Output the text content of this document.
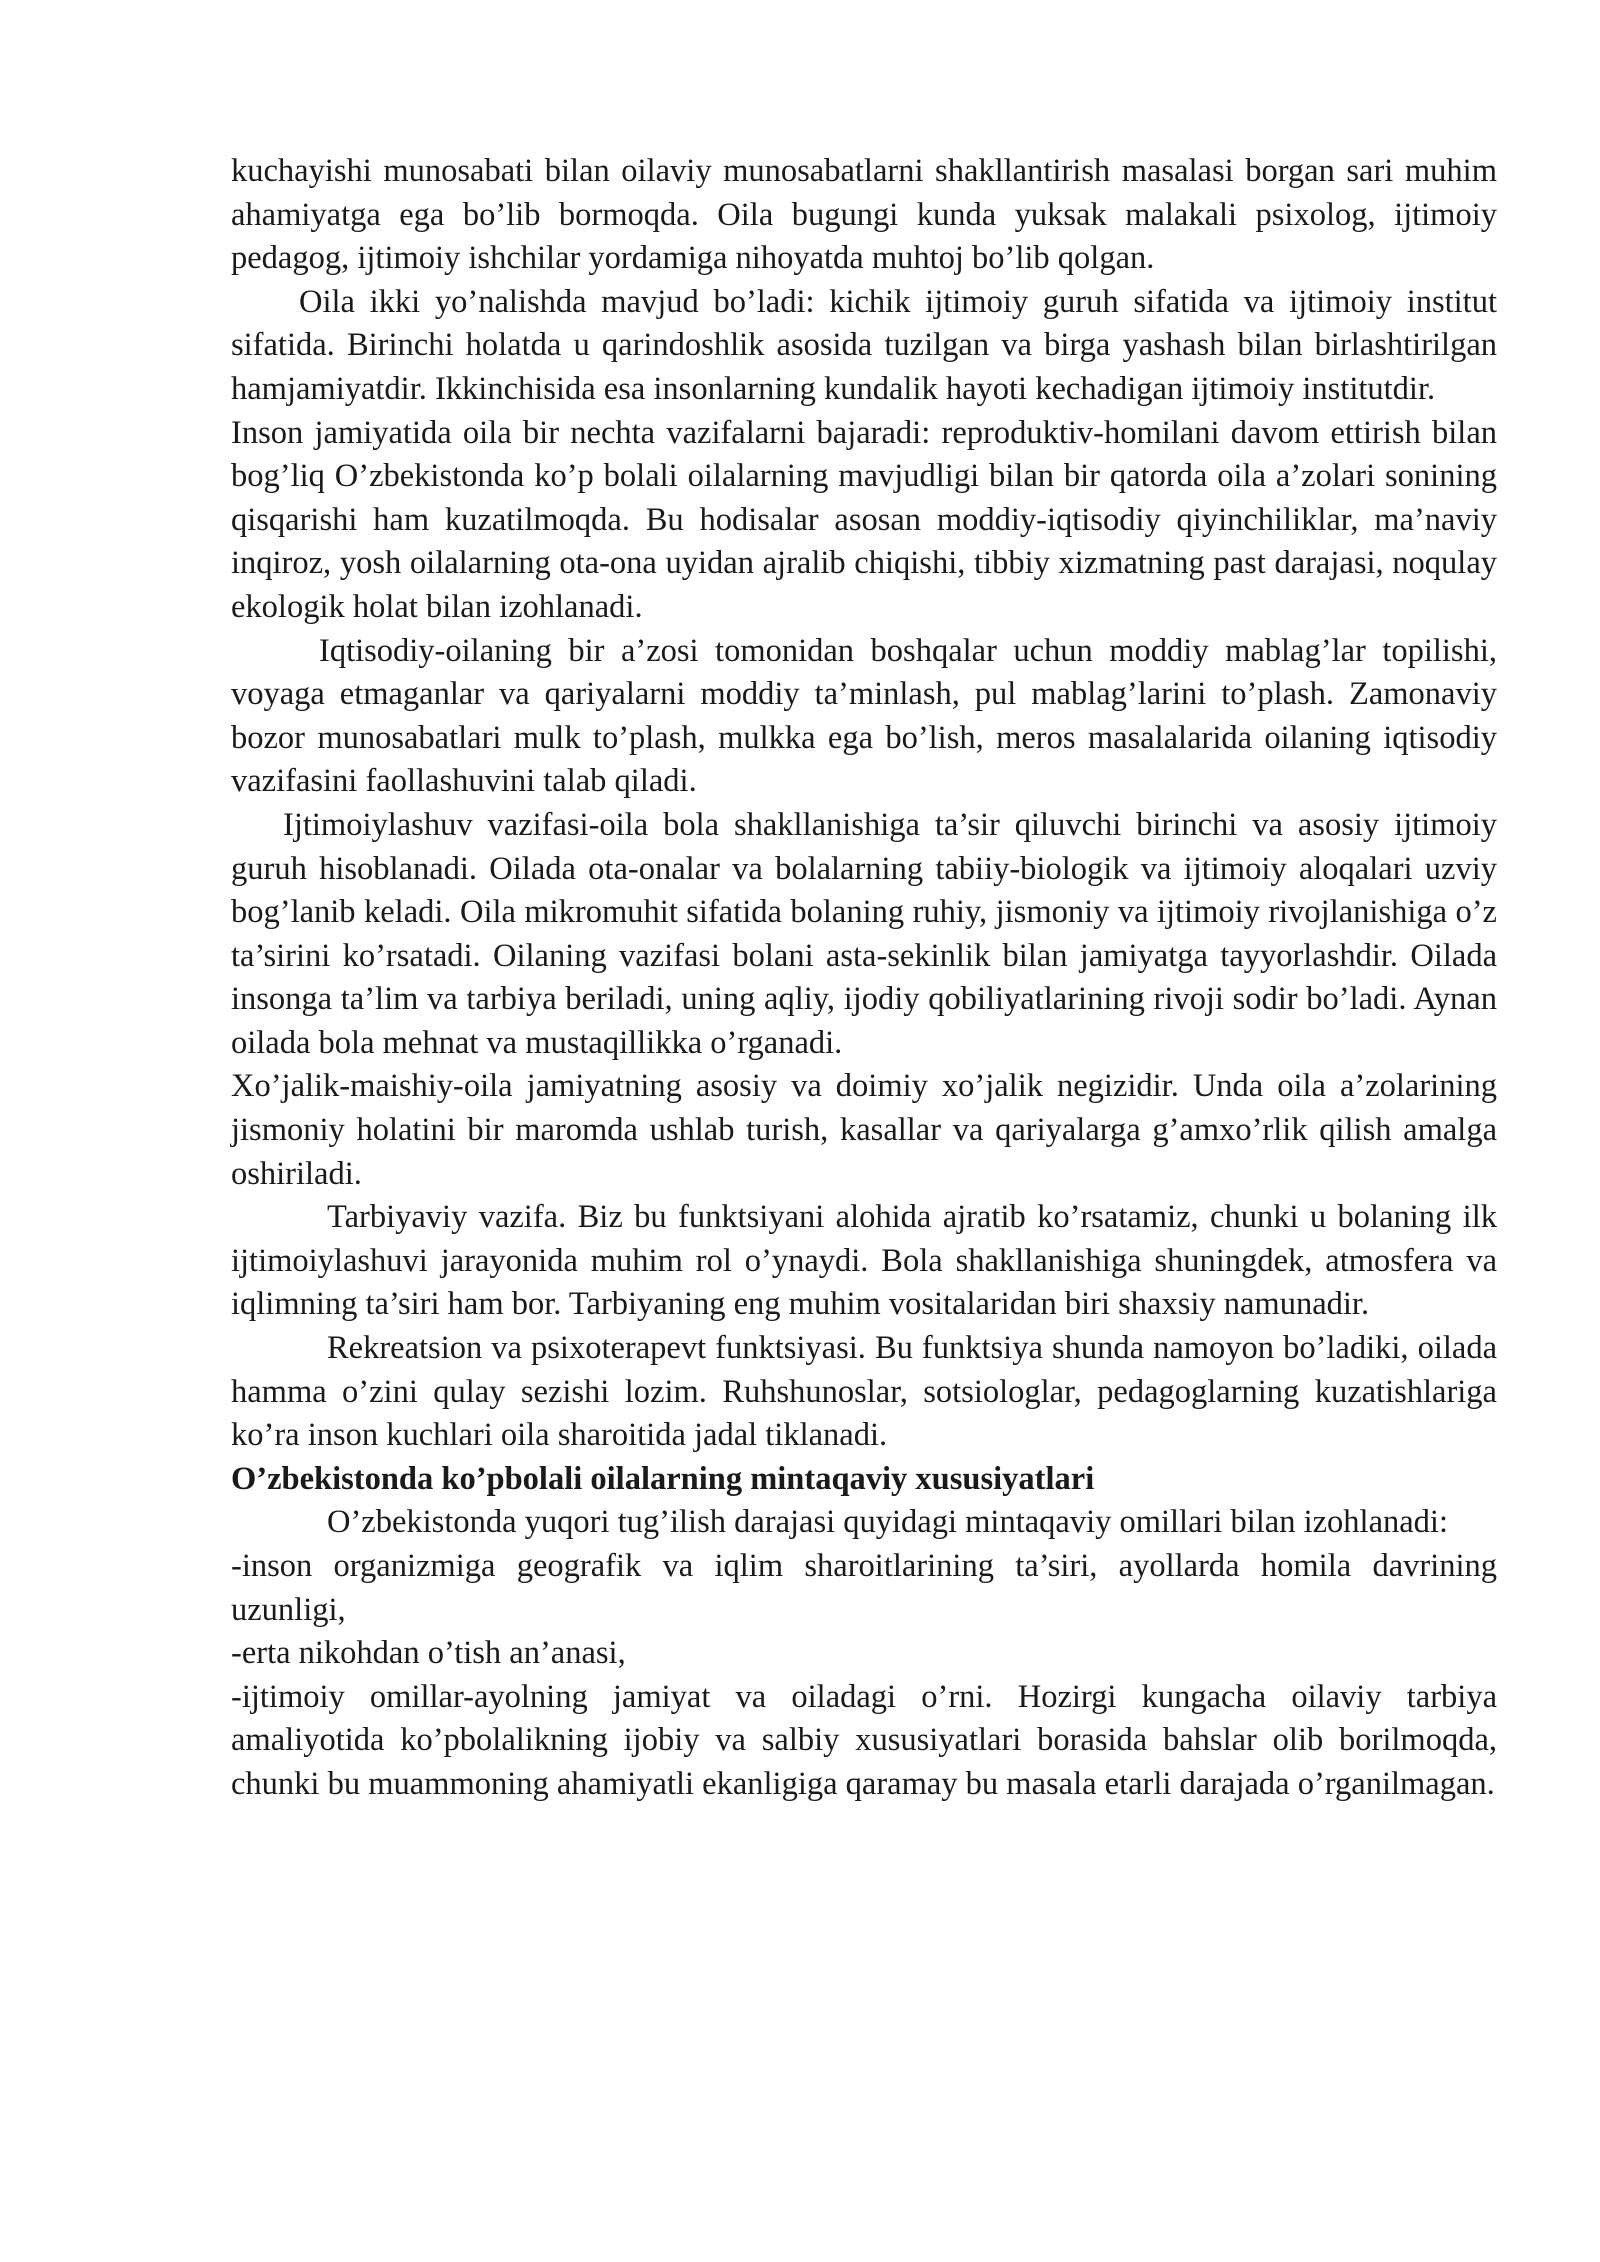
kuchayishi munosabati bilan oilaviy munosabatlarni shakllantirish masalasi borgan sari muhim ahamiyatga ega bo’lib bormoqda. Oila bugungi kunda yuksak malakali psixolog, ijtimoiy pedagog, ijtimoiy ishchilar yordamiga nihoyatda muhtoj bo’lib qolgan.

Oila ikki yo’nalishda mavjud bo’ladi: kichik ijtimoiy guruh sifatida va ijtimoiy institut sifatida. Birinchi holatda u qarindoshlik asosida tuzilgan va birga yashash bilan birlashtirilgan hamjamiyatdir. Ikkinchisida esa insonlarning kundalik hayoti kechadigan ijtimoiy institutdir.

Inson jamiyatida oila bir nechta vazifalarni bajaradi: reproduktiv-homilani davom ettirish bilan bog’liq O’zbekistonda ko’p bolali oilalarning mavjudligi bilan bir qatorda oila a’zolari sonining qisqarishi ham kuzatilmoqda. Bu hodisalar asosan moddiy-iqtisodiy qiyinchiliklar, ma’naviy inqiroz, yosh oilalarning ota-ona uyidan ajralib chiqishi, tibbiy xizmatning past darajasi, noqulay ekologik holat bilan izohlanadi.

Iqtisodiy-oilaning bir a’zosi tomonidan boshqalar uchun moddiy mablag’lar topilishi, voyaga etmaganlar va qariyalarni moddiy ta’minlash, pul mablag’larini to’plash. Zamonaviy bozor munosabatlari mulk to’plash, mulkka ega bo’lish, meros masalalarida oilaning iqtisodiy vazifasini faollashuvini talab qiladi.

Ijtimoiylashuv vazifasi-oila bola shakllanishiga ta’sir qiluvchi birinchi va asosiy ijtimoiy guruh hisoblanadi. Oilada ota-onalar va bolalarning tabiiy-biologik va ijtimoiy aloqalari uzviy bog’lanib keladi. Oila mikromuhit sifatida bolaning ruhiy, jismoniy va ijtimoiy rivojlanishiga o’z ta’sirini ko’rsatadi. Oilaning vazifasi bolani asta-sekinlik bilan jamiyatga tayyorlashdir. Oilada insonga ta’lim va tarbiya beriladi, uning aqliy, ijodiy qobiliyatlarining rivoji sodir bo’ladi. Aynan oilada bola mehnat va mustaqillikka o’rganadi.

Xo’jalik-maishiy-oila jamiyatning asosiy va doimiy xo’jalik negizidir. Unda oila a’zolarining jismoniy holatini bir maromda ushlab turish, kasallar va qariyalarga g’amxo’rlik qilish amalga oshiriladi.

Tarbiyaviy vazifa. Biz bu funktsiyani alohida ajratib ko’rsatamiz, chunki u bolaning ilk ijtimoiylashuvi jarayonida muhim rol o’ynaydi. Bola shakllanishiga shuningdek, atmosfera va iqlimning ta’siri ham bor. Tarbiyaning eng muhim vositalaridan biri shaxsiy namunadir.

Rekreatsion va psixoterapevt funktsiyasi. Bu funktsiya shunda namoyon bo’ladiki, oilada hamma o’zini qulay sezishi lozim. Ruhshunoslar, sotsiologlar, pedagoglarning kuzatishlariga ko’ra inson kuchlari oila sharoitida jadal tiklanadi.

O’zbekistonda ko’pbolali oilalarning mintaqaviy xususiyatlari

O’zbekistonda yuqori tug’ilish darajasi quyidagi mintaqaviy omillari bilan izohlanadi:

-inson organizmiga geografik va iqlim sharoitlarining ta’siri, ayollarda homila davrining uzunligi,

-erta nikohdan o’tish an’anasi,

-ijtimoiy omillar-ayolning jamiyat va oiladagi o’rni. Hozirgi kungacha oilaviy tarbiya amaliyotida ko’pbolalikning ijobiy va salbiy xususiyatlari borasida bahslar olib borilmoqda, chunki bu muammoning ahamiyatli ekanligiga qaramay bu masala etarli darajada o’rganilmagan.
